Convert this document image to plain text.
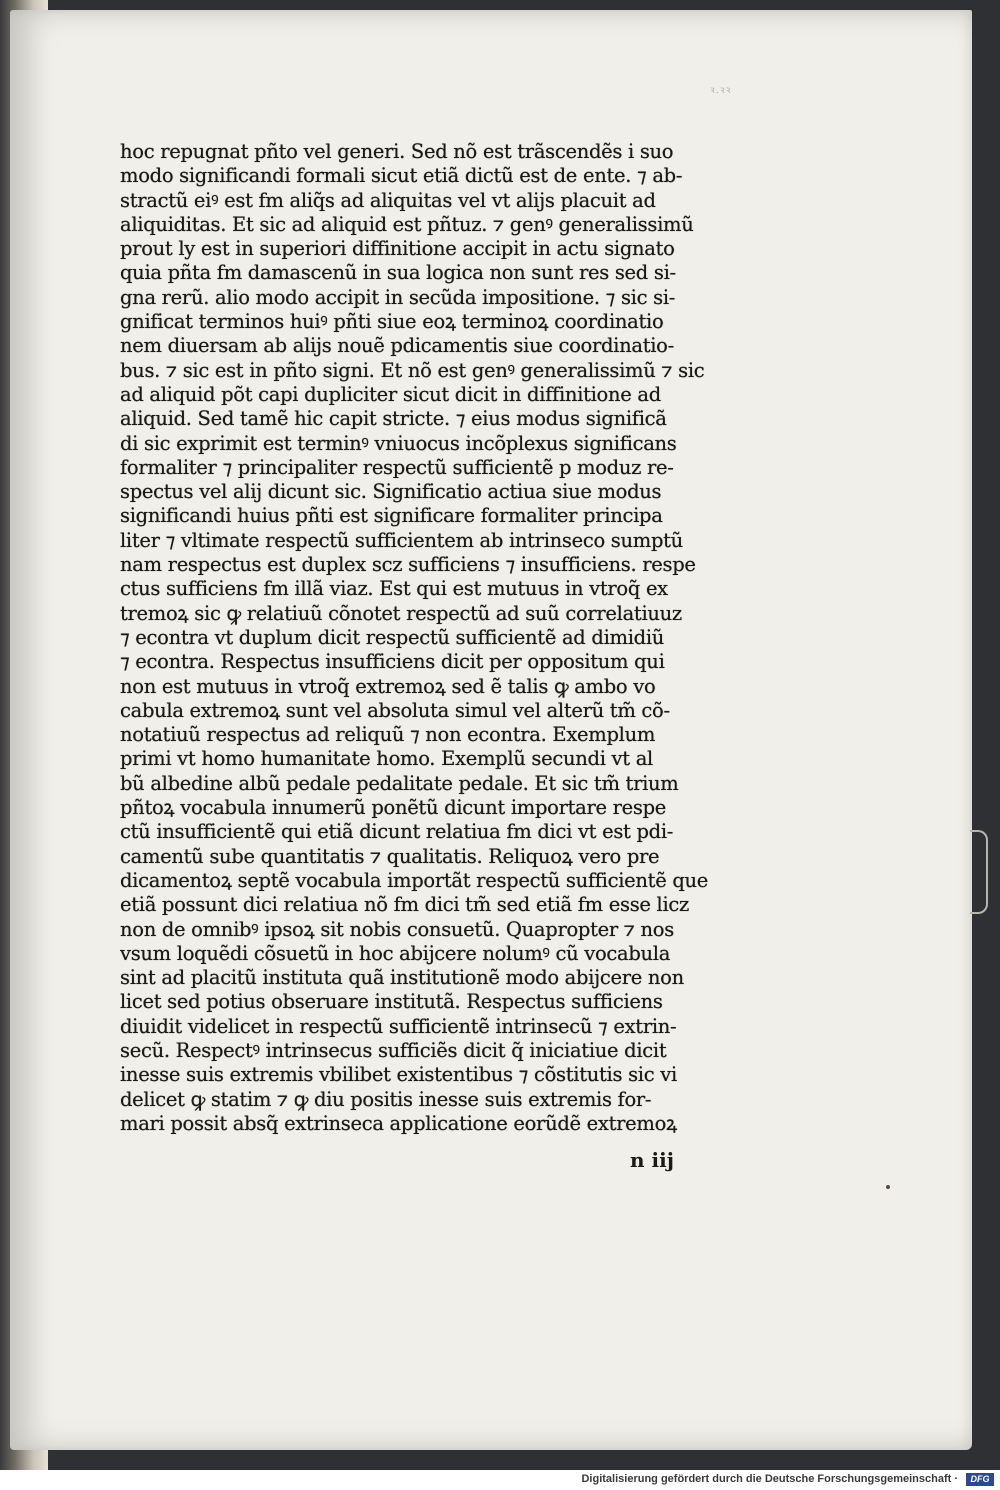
ꝛ.ꝛꝛ
hoc repugnat pñto vel generi. Sed nõ est trãscendẽs i suo
modo significandi formali sicut etiã dictũ est de ente. ⁊ ab-
stractũ eiꝰ est fm aliq̃s ad aliquitas vel vt alijs placuit ad
aliquiditas. Et sic ad aliquid est pñtuz. ⁊ genꝰ generalissimũ
prout ly est in superiori diffinitione accipit in actu signato
quia pñta fm damascenũ in sua logica non sunt res sed si-
gna rerũ. alio modo accipit in secũda impositione. ⁊ sic si-
gnificat terminos huiꝰ pñti siue eoꝝ terminoꝝ coordinatio
nem diuersam ab alijs nouẽ pdicamentis siue coordinatio-
bus. ⁊ sic est in pñto signi. Et nõ est genꝰ generalissimũ ⁊ sic
ad aliquid põt capi dupliciter sicut dicit in diffinitione ad
aliquid. Sed tamẽ hic capit stricte. ⁊ eius modus significã
di sic exprimit est terminꝰ vniuocus incõplexus significans
formaliter ⁊ principaliter respectũ sufficientẽ p moduz re-
spectus vel alij dicunt sic. Significatio actiua siue modus
significandi huius pñti est significare formaliter principa
liter ⁊ vltimate respectũ sufficientem ab intrinseco sumptũ
nam respectus est duplex scz sufficiens ⁊ insufficiens. respe
ctus sufficiens fm illã viaz. Est qui est mutuus in vtroq̃ ex
tremoꝝ sic ꝙ relatiuũ cõnotet respectũ ad suũ correlatiuuz
⁊ econtra vt duplum dicit respectũ sufficientẽ ad dimidiũ
⁊ econtra. Respectus insufficiens dicit per oppositum qui
non est mutuus in vtroq̃ extremoꝝ sed ẽ talis ꝙ ambo vo
cabula extremoꝝ sunt vel absoluta simul vel alterũ tm̃ cõ-
notatiuũ respectus ad reliquũ ⁊ non econtra. Exemplum
primi vt homo humanitate homo. Exemplũ secundi vt al
bũ albedine albũ pedale pedalitate pedale. Et sic tm̃ trium
pñtoꝝ vocabula innumerũ ponẽtũ dicunt importare respe
ctũ insufficientẽ qui etiã dicunt relatiua fm dici vt est pdi-
camentũ sube quantitatis ⁊ qualitatis. Reliquoꝝ vero pre
dicamentoꝝ septẽ vocabula importãt respectũ sufficientẽ que
etiã possunt dici relatiua nõ fm dici tm̃ sed etiã fm esse licz
non de omnibꝰ ipsoꝝ sit nobis consuetũ. Quapropter ⁊ nos
vsum loquẽdi cõsuetũ in hoc abijcere nolumꝰ cũ vocabula
sint ad placitũ instituta quã institutionẽ modo abijcere non
licet sed potius obseruare institutã. Respectus sufficiens
diuidit videlicet in respectũ sufficientẽ intrinsecũ ⁊ extrin-
secũ. Respectꝰ intrinsecus sufficiẽs dicit q̃ iniciatiue dicit
inesse suis extremis vbilibet existentibus ⁊ cõstitutis sic vi
delicet ꝙ statim ⁊ ꝙ diu positis inesse suis extremis for-
mari possit absq̃ extrinseca applicatione eorũdẽ extremoꝝ
n iij
Digitalisierung gefördert durch die Deutsche Forschungsgemeinschaft ·	DFG
